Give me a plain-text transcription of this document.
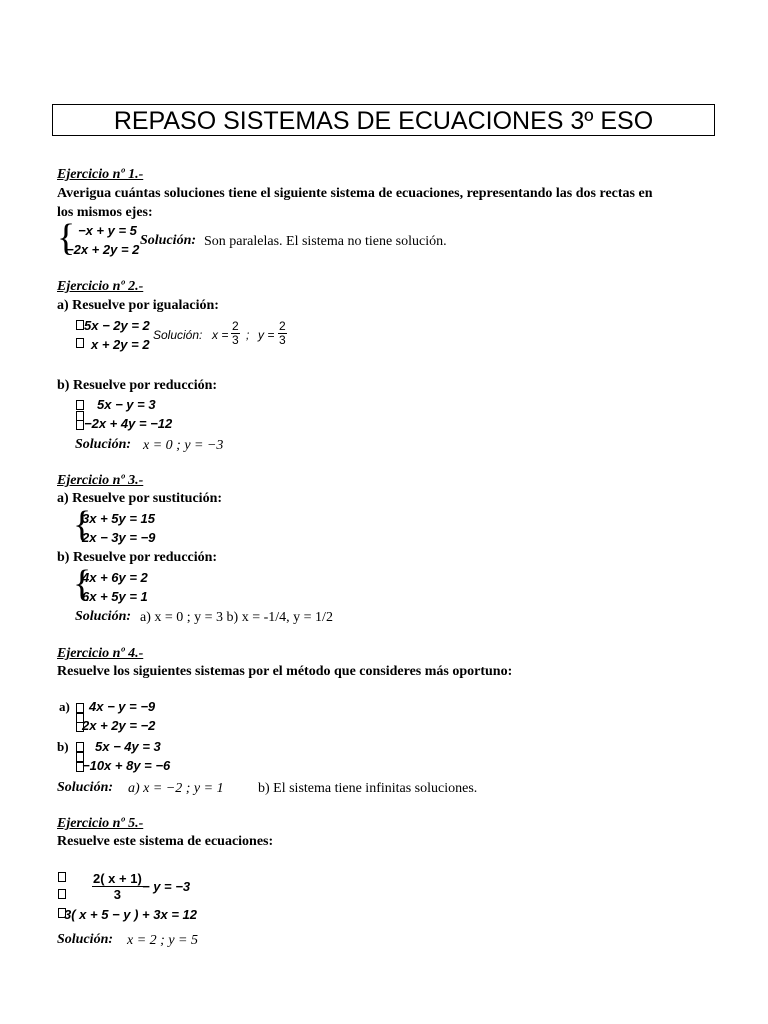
REPASO SISTEMAS DE ECUACIONES 3º ESO
Ejercicio nº 1.-
Averigua cuántas soluciones tiene el siguiente sistema de ecuaciones, representando las dos rectas en
los mismos ejes:
{ −x + y = 5
−2x + 2y = 2
Solución: Son paralelas. El sistema no tiene solución.
Ejercicio nº 2.-
a) Resuelve por igualación:
5x − 2y = 2
x + 2y = 2
Solución: $x = \frac{2}{3}$ ; $y = \frac{2}{3}$
b) Resuelve por reducción:
5x − y = 3
−2x + 4y = −12
Solución: x = 0 ; y = −3
Ejercicio nº 3.-
a) Resuelve por sustitución:
{
3x + 5y = 15
2x − 3y = −9
b) Resuelve por reducción:
{
4x + 6y = 2
6x + 5y = 1
Solución: a) x = 0 ; y = 3 b) x = -1/4, y = 1/2
Ejercicio nº 4.-
Resuelve los siguientes sistemas por el método que consideres más oportuno:
a) 4x − y = −9
2x + 2y = −2
b) 5x − 4y = 3
−10x + 8y = −6
Solución: a) x = −2 ; y = 1 b) El sistema tiene infinitas soluciones.
Ejercicio nº 5.-
Resuelve este sistema de ecuaciones:
$\frac{2( x + 1)}{3} - y = -3$
3( x + 5 − y ) + 3x = 12
Solución: x = 2 ; y = 5
